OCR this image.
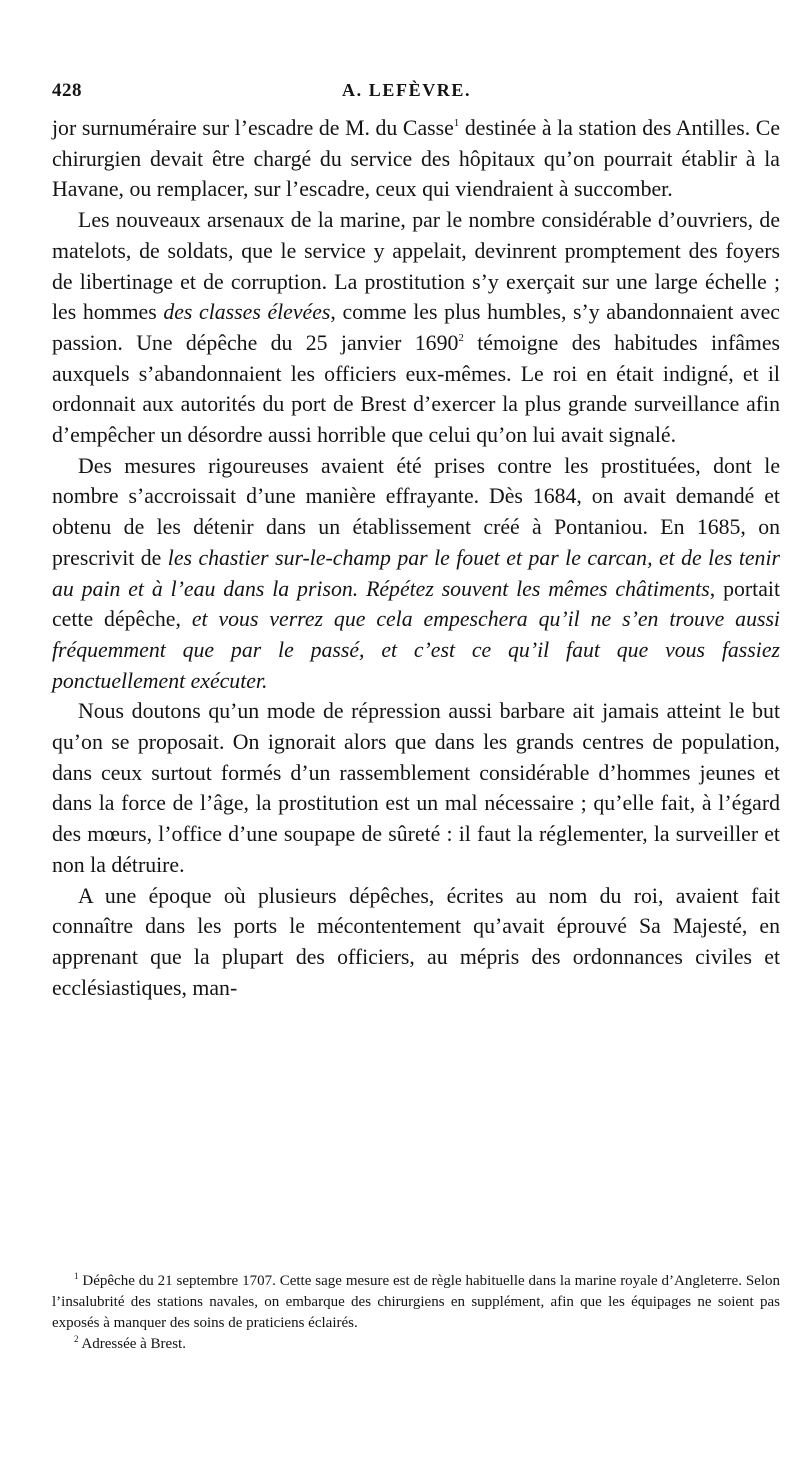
428	A. LEFÈVRE.

jor surnuméraire sur l’escadre de M. du Casse$^1$ destinée à la station des Antilles. Ce chirurgien devait être chargé du service des hôpitaux qu’on pourrait établir à la Havane, ou remplacer, sur l’escadre, ceux qui viendraient à succomber.

Les nouveaux arsenaux de la marine, par le nombre considérable d’ouvriers, de matelots, de soldats, que le service y appelait, devinrent promptement des foyers de libertinage et de corruption. La prostitution s’y exerçait sur une large échelle ; les hommes des classes élevées, comme les plus humbles, s’y abandonnaient avec passion. Une dépêche du 25 janvier 1690$^2$ témoigne des habitudes infâmes auxquels s’abandonnaient les officiers eux-mêmes. Le roi en était indigné, et il ordonnait aux autorités du port de Brest d’exercer la plus grande surveillance afin d’empêcher un désordre aussi horrible que celui qu’on lui avait signalé.

Des mesures rigoureuses avaient été prises contre les prostituées, dont le nombre s’accroissait d’une manière effrayante. Dès 1684, on avait demandé et obtenu de les détenir dans un établissement créé à Pontaniou. En 1685, on prescrivit de les chastier sur-le-champ par le fouet et par le carcan, et de les tenir au pain et à l’eau dans la prison. Répétez souvent les mêmes châtiments, portait cette dépêche, et vous verrez que cela empeschera qu’il ne s’en trouve aussi fréquemment que par le passé, et c’est ce qu’il faut que vous fassiez ponctuellement exécuter.

Nous doutons qu’un mode de répression aussi barbare ait jamais atteint le but qu’on se proposait. On ignorait alors que dans les grands centres de population, dans ceux surtout formés d’un rassemblement considérable d’hommes jeunes et dans la force de l’âge, la prostitution est un mal nécessaire ; qu’elle fait, à l’égard des mœurs, l’office d’une soupape de sûreté : il faut la réglementer, la surveiller et non la détruire.

A une époque où plusieurs dépêches, écrites au nom du roi, avaient fait connaître dans les ports le mécontentement qu’avait éprouvé Sa Majesté, en apprenant que la plupart des officiers, au mépris des ordonnances civiles et ecclésiastiques, man-

$^1$ Dépêche du 21 septembre 1707. Cette sage mesure est de règle habituelle dans la marine royale d’Angleterre. Selon l’insalubrité des stations navales, on embarque des chirurgiens en supplément, afin que les équipages ne soient pas exposés à manquer des soins de praticiens éclairés.

$^2$ Adressée à Brest.
